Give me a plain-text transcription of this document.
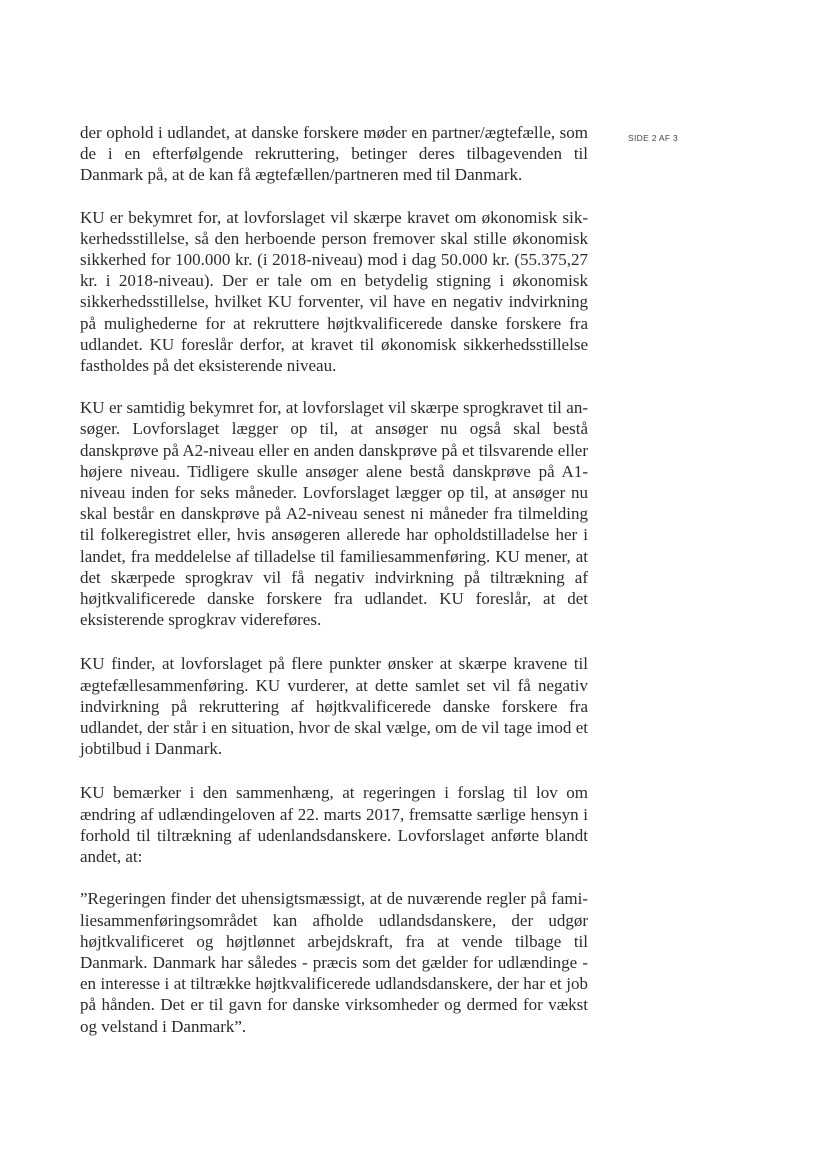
SIDE 2 AF 3

der ophold i udlandet, at danske forskere møder en partner/ægtefælle, som de i en efterfølgende rekruttering, betinger deres tilbagevenden til Danmark på, at de kan få ægtefællen/partneren med til Danmark.

KU er bekymret for, at lovforslaget vil skærpe kravet om økonomisk sikkerhedsstillelse, så den herboende person fremover skal stille økonomisk sikkerhed for 100.000 kr. (i 2018-niveau) mod i dag 50.000 kr. (55.375,27 kr. i 2018-niveau). Der er tale om en betydelig stigning i økonomisk sikkerhedsstillelse, hvilket KU forventer, vil have en negativ indvirkning på mulighederne for at rekruttere højtkvalificerede danske forskere fra udlandet. KU foreslår derfor, at kravet til økonomisk sikkerhedsstillelse fastholdes på det eksisterende niveau.

KU er samtidig bekymret for, at lovforslaget vil skærpe sprogkravet til ansøger. Lovforslaget lægger op til, at ansøger nu også skal bestå danskprøve på A2-niveau eller en anden danskprøve på et tilsvarende eller højere niveau. Tidligere skulle ansøger alene bestå danskprøve på A1-niveau inden for seks måneder. Lovforslaget lægger op til, at ansøger nu skal består en danskprøve på A2-niveau senest ni måneder fra tilmelding til folkeregistret eller, hvis ansøgeren allerede har opholdstilladelse her i landet, fra meddelelse af tilladelse til familiesammenføring. KU mener, at det skærpede sprogkrav vil få negativ indvirkning på tiltrækning af højtkvalificerede danske forskere fra udlandet. KU foreslår, at det eksisterende sprogkrav videreføres.

KU finder, at lovforslaget på flere punkter ønsker at skærpe kravene til ægtefællesammenføring. KU vurderer, at dette samlet set vil få negativ indvirkning på rekruttering af højtkvalificerede danske forskere fra udlandet, der står i en situation, hvor de skal vælge, om de vil tage imod et jobtilbud i Danmark.

KU bemærker i den sammenhæng, at regeringen i forslag til lov om ændring af udlændingeloven af 22. marts 2017, fremsatte særlige hensyn i forhold til tiltrækning af udenlandsdanskere. Lovforslaget anførte blandt andet, at:

”Regeringen finder det uhensigtsmæssigt, at de nuværende regler på familiesammenføringsområdet kan afholde udlandsdanskere, der udgør højtkvalificeret og højtlønnet arbejdskraft, fra at vende tilbage til Danmark. Danmark har således - præcis som det gælder for udlændinge - en interesse i at tiltrække højtkvalificerede udlandsdanskere, der har et job på hånden. Det er til gavn for danske virksomheder og dermed for vækst og velstand i Danmark”.
